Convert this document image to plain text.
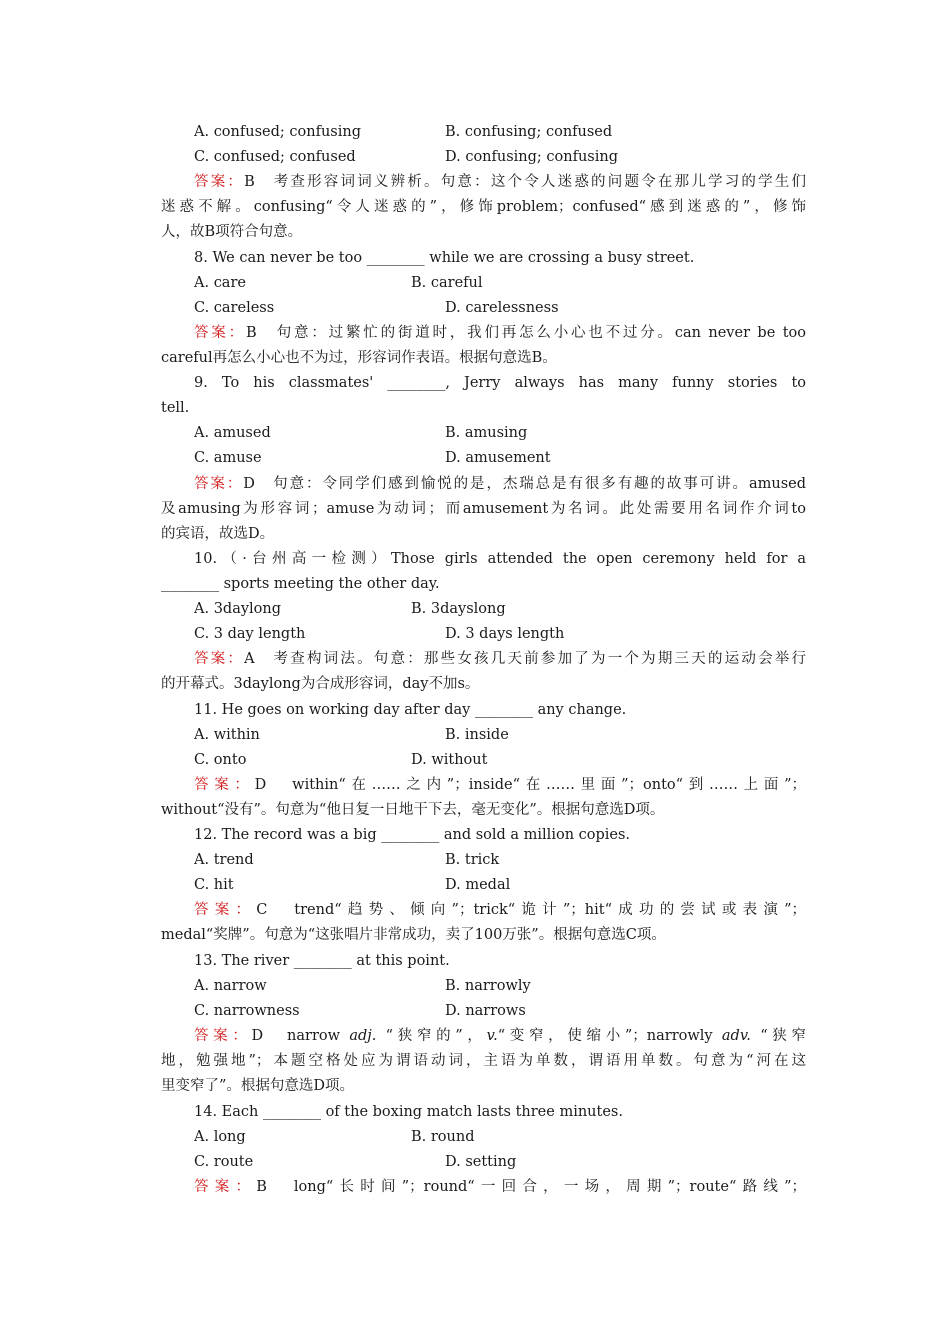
A. confused; confusing	B. confusing; confused
C. confused; confused	D. confusing; confusing
答案：B　考查形容词词义辨析。句意：这个令人迷惑的问题令在那儿学习的学生们
迷惑不解。confusing“令人迷惑的”，修饰problem；confused“感到迷惑的”，修饰
人，故B项符合句意。
8. We can never be too ________ while we are crossing a busy street.
A. care	B. careful
C. careless	D. carelessness
答案：B　句意：过繁忙的街道时，我们再怎么小心也不过分。can never be too
careful再怎么小心也不为过，形容词作表语。根据句意选B。
9. To his classmates' ________, Jerry always has many funny stories to
tell.
A. amused	B. amusing
C. amuse	D. amusement
答案：D　句意：令同学们感到愉悦的是，杰瑞总是有很多有趣的故事可讲。amused
及amusing为形容词；amuse为动词；而amusement为名词。此处需要用名词作介词to
的宾语，故选D。
10.（·台州高一检测）Those girls attended the open ceremony held for a
________ sports meeting the other day.
A. 3daylong	B. 3dayslong
C. 3 day length	D. 3 days length
答案：A　考查构词法。句意：那些女孩几天前参加了为一个为期三天的运动会举行
的开幕式。3daylong为合成形容词，day不加s。
11. He goes on working day after day ________ any change.
A. within	B. inside
C. onto	D. without
答案：D　within“在……之内”；inside“在……里面”；onto“到……上面”；
without“没有”。句意为“他日复一日地干下去，毫无变化”。根据句意选D项。
12. The record was a big ________ and sold a million copies.
A. trend	B. trick
C. hit	D. medal
答案：C　trend“趋势、倾向”；trick“诡计”；hit“成功的尝试或表演”；
medal“奖牌”。句意为“这张唱片非常成功，卖了100万张”。根据句意选C项。
13. The river ________ at this point.
A. narrow	B. narrowly
C. narrowness	D. narrows
答案：D　narrow adj. “狭窄的”，v.“变窄，使缩小”；narrowly adv. “狭窄
地，勉强地”；本题空格处应为谓语动词，主语为单数，谓语用单数。句意为“河在这
里变窄了”。根据句意选D项。
14. Each ________ of the boxing match lasts three minutes.
A. long	B. round
C. route	D. setting
答案：B　long“长时间”；round“一回合，一场，周期”；route“路线”；
